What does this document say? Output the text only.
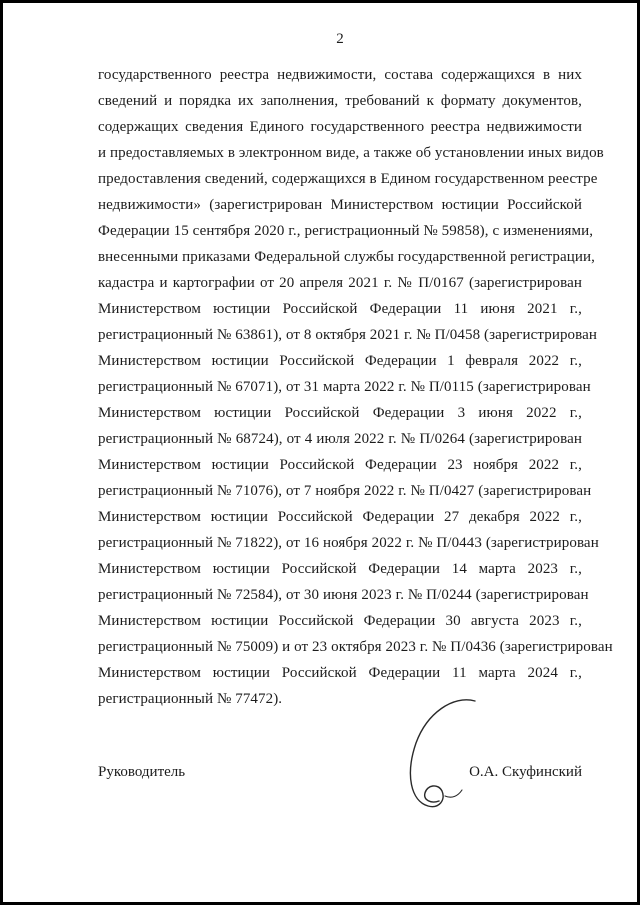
2
государственного реестра недвижимости, состава содержащихся в них
сведений и порядка их заполнения, требований к формату документов,
содержащих сведения Единого государственного реестра недвижимости
и предоставляемых в электронном виде, а также об установлении иных видов
предоставления сведений, содержащихся в Едином государственном реестре
недвижимости» (зарегистрирован Министерством юстиции Российской
Федерации 15 сентября 2020 г., регистрационный № 59858), с изменениями,
внесенными приказами Федеральной службы государственной регистрации,
кадастра и картографии от 20 апреля 2021 г. № П/0167 (зарегистрирован
Министерством юстиции Российской Федерации 11 июня 2021 г.,
регистрационный № 63861), от 8 октября 2021 г. № П/0458 (зарегистрирован
Министерством юстиции Российской Федерации 1 февраля 2022 г.,
регистрационный № 67071), от 31 марта 2022 г. № П/0115 (зарегистрирован
Министерством юстиции Российской Федерации 3 июня 2022 г.,
регистрационный № 68724), от 4 июля 2022 г. № П/0264 (зарегистрирован
Министерством юстиции Российской Федерации 23 ноября 2022 г.,
регистрационный № 71076), от 7 ноября 2022 г. № П/0427 (зарегистрирован
Министерством юстиции Российской Федерации 27 декабря 2022 г.,
регистрационный № 71822), от 16 ноября 2022 г. № П/0443 (зарегистрирован
Министерством юстиции Российской Федерации 14 марта 2023 г.,
регистрационный № 72584), от 30 июня 2023 г. № П/0244 (зарегистрирован
Министерством юстиции Российской Федерации 30 августа 2023 г.,
регистрационный № 75009) и от 23 октября 2023 г. № П/0436 (зарегистрирован
Министерством юстиции Российской Федерации 11 марта 2024 г.,
регистрационный № 77472).
Руководитель	О.А. Скуфинский
